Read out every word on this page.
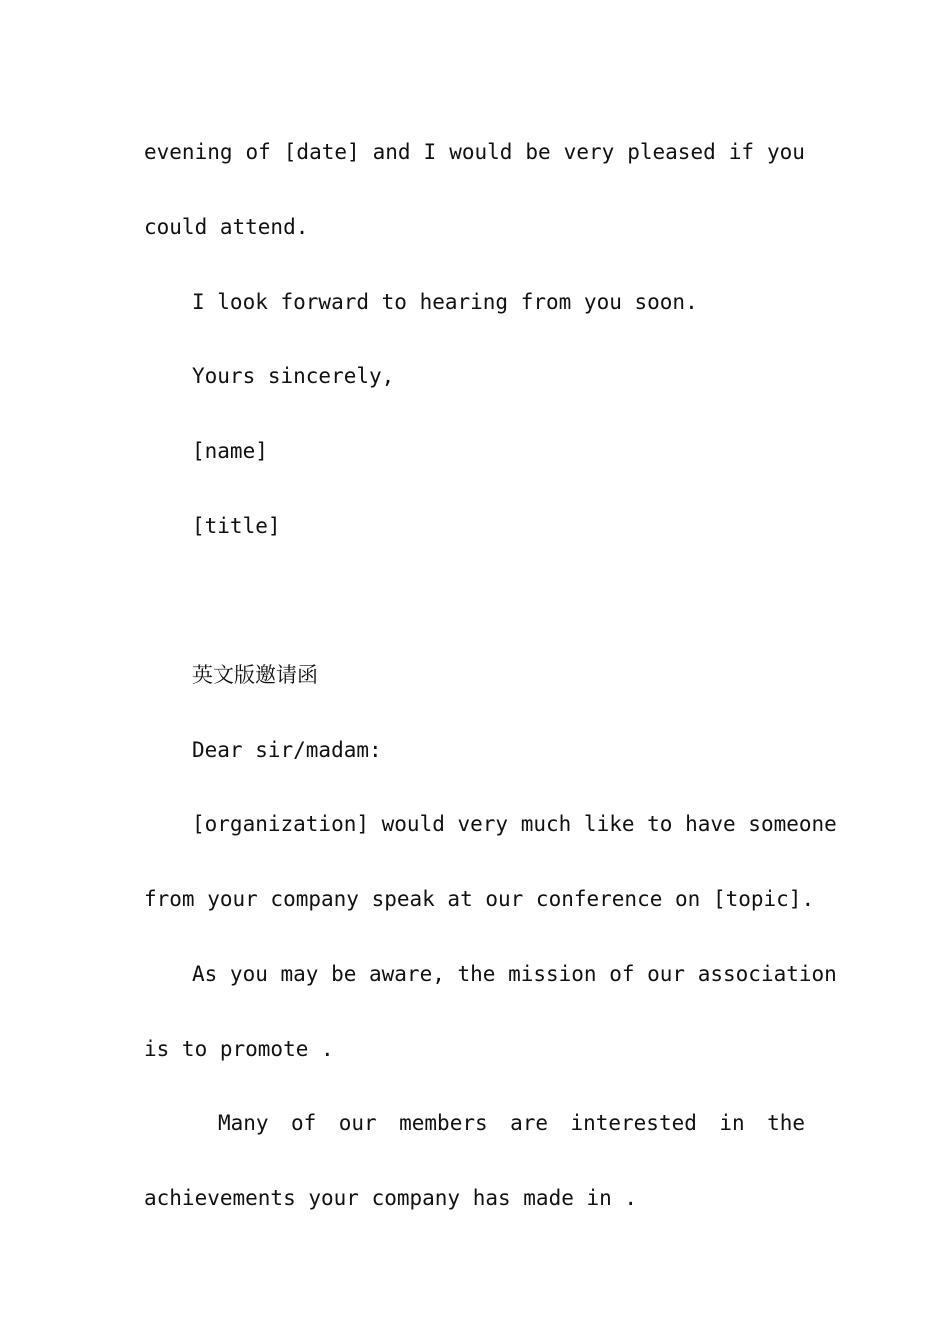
evening of [date] and I would be very pleased if you
could attend.
I look forward to hearing from you soon.
Yours sincerely,
[name]
[title]
英文版邀请函
Dear sir/madam:
[organization] would very much like to have someone
from your company speak at our conference on [topic].
As you may be aware, the mission of our association
is to promote .
Many of our members are interested in the
achievements your company has made in .
